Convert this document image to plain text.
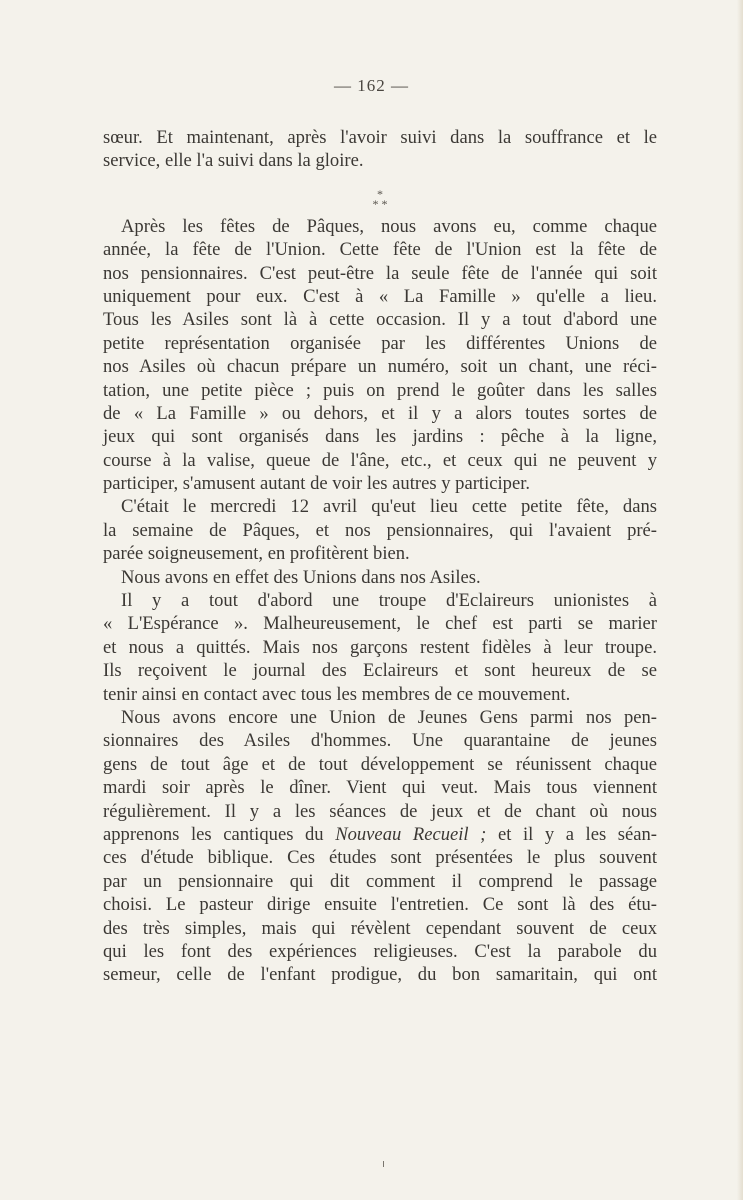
— 162 —
sœur. Et maintenant, après l'avoir suivi dans la souffrance et le
service, elle l'a suivi dans la gloire.
*
* *
Après les fêtes de Pâques, nous avons eu, comme chaque
année, la fête de l'Union. Cette fête de l'Union est la fête de
nos pensionnaires. C'est peut-être la seule fête de l'année qui soit
uniquement pour eux. C'est à « La Famille » qu'elle a lieu.
Tous les Asiles sont là à cette occasion. Il y a tout d'abord une
petite représentation organisée par les différentes Unions de
nos Asiles où chacun prépare un numéro, soit un chant, une réci-
tation, une petite pièce ; puis on prend le goûter dans les salles
de « La Famille » ou dehors, et il y a alors toutes sortes de
jeux qui sont organisés dans les jardins : pêche à la ligne,
course à la valise, queue de l'âne, etc., et ceux qui ne peuvent y
participer, s'amusent autant de voir les autres y participer.
C'était le mercredi 12 avril qu'eut lieu cette petite fête, dans
la semaine de Pâques, et nos pensionnaires, qui l'avaient pré-
parée soigneusement, en profitèrent bien.
Nous avons en effet des Unions dans nos Asiles.
Il y a tout d'abord une troupe d'Eclaireurs unionistes à
« L'Espérance ». Malheureusement, le chef est parti se marier
et nous a quittés. Mais nos garçons restent fidèles à leur troupe.
Ils reçoivent le journal des Eclaireurs et sont heureux de se
tenir ainsi en contact avec tous les membres de ce mouvement.
Nous avons encore une Union de Jeunes Gens parmi nos pen-
sionnaires des Asiles d'hommes. Une quarantaine de jeunes
gens de tout âge et de tout développement se réunissent chaque
mardi soir après le dîner. Vient qui veut. Mais tous viennent
régulièrement. Il y a les séances de jeux et de chant où nous
apprenons les cantiques du Nouveau Recueil ; et il y a les séan-
ces d'étude biblique. Ces études sont présentées le plus souvent
par un pensionnaire qui dit comment il comprend le passage
choisi. Le pasteur dirige ensuite l'entretien. Ce sont là des étu-
des très simples, mais qui révèlent cependant souvent de ceux
qui les font des expériences religieuses. C'est la parabole du
semeur, celle de l'enfant prodigue, du bon samaritain, qui ont
